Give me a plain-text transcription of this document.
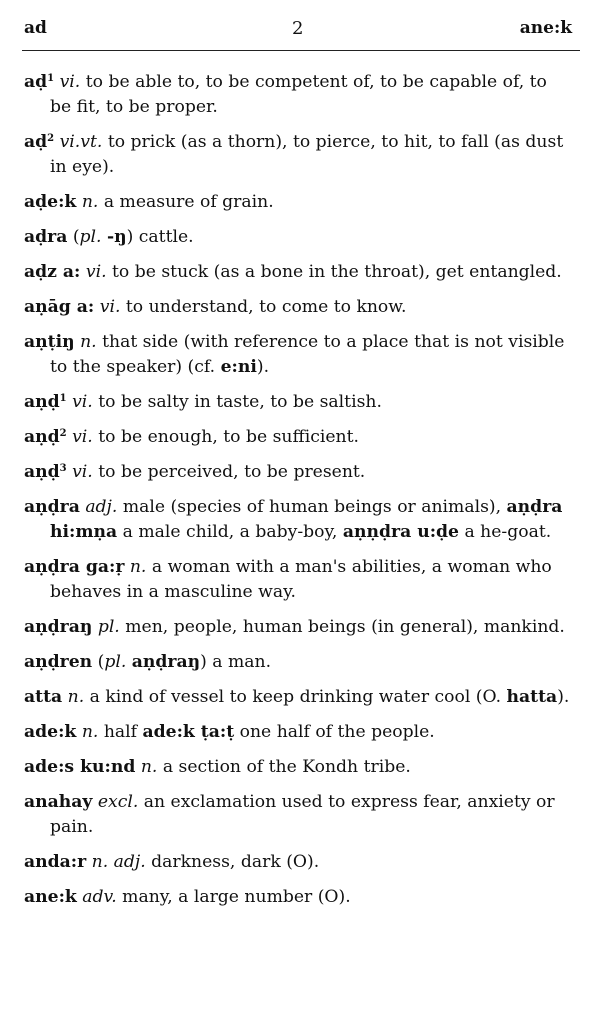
ad	2	ane:k
aḍ$^1$ vi. to be able to, to be competent of, to be capable of, to be fit, to be proper.
aḍ$^2$ vi.vt. to prick (as a thorn), to pierce, to hit, to fall (as dust in eye).
aḍe:k n. a measure of grain.
aḍra (pl. -ŋ) cattle.
aḍz a: vi. to be stuck (as a bone in the throat), get entangled.
aṇāg a: vi. to understand, to come to know.
aṇṭiŋ n. that side (with reference to a place that is not visible to the speaker) (cf. e:ni).
aṇḍ$^1$ vi. to be salty in taste, to be saltish.
aṇḍ$^2$ vi. to be enough, to be sufficient.
aṇḍ$^3$ vi. to be perceived, to be present.
aṇḍra adj. male (species of human beings or animals), aṇḍra hi:mṇa a male child, a baby-boy, aṇṇḍra u:ḍe a he-goat.
aṇḍra ga:ṛ n. a woman with a man's abilities, a woman who behaves in a masculine way.
aṇḍraŋ pl. men, people, human beings (in general), mankind.
aṇḍren (pl. aṇḍraŋ) a man.
atta n. a kind of vessel to keep drinking water cool (O. hatta).
ade:k n. half ade:k ṭa:ṭ one half of the people.
ade:s ku:nd n. a section of the Kondh tribe.
anahay excl. an exclamation used to express fear, anxiety or pain.
anda:r n. adj. darkness, dark (O).
ane:k adv. many, a large number (O).
